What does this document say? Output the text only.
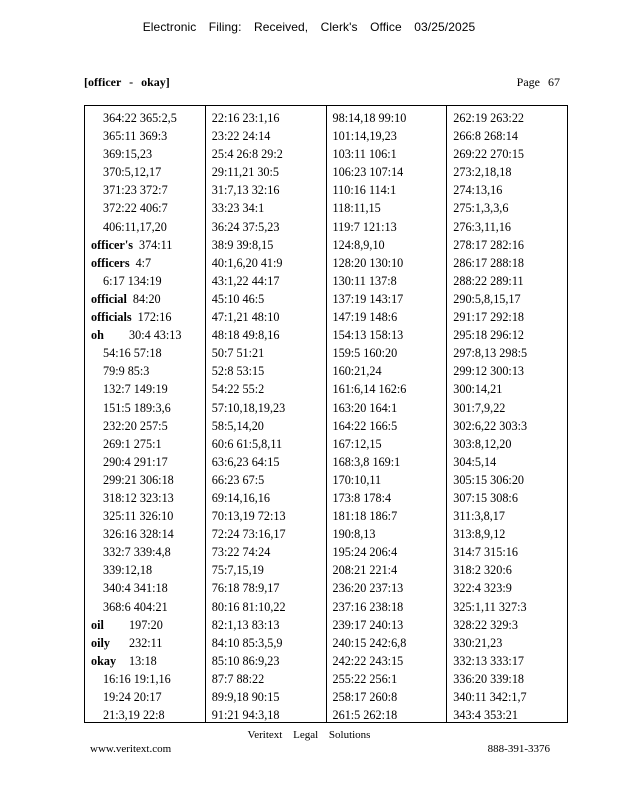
Electronic Filing: Received, Clerk's Office 03/25/2025
[officer - okay]	Page 67
364:22 365:2,5
365:11 369:3
369:15,23
370:5,12,17
371:23 372:7
372:22 406:7
406:11,17,20
officer's 374:11
officers 4:7
6:17 134:19
official 84:20
officials 172:16
oh 30:4 43:13
54:16 57:18
79:9 85:3
132:7 149:19
151:5 189:3,6
232:20 257:5
269:1 275:1
290:4 291:17
299:21 306:18
318:12 323:13
325:11 326:10
326:16 328:14
332:7 339:4,8
339:12,18
340:4 341:18
368:6 404:21
oil 197:20
oily 232:11
okay 13:18
16:16 19:1,16
19:24 20:17
21:3,19 22:8
22:16 23:1,16
23:22 24:14
25:4 26:8 29:2
29:11,21 30:5
31:7,13 32:16
33:23 34:1
36:24 37:5,23
38:9 39:8,15
40:1,6,20 41:9
43:1,22 44:17
45:10 46:5
47:1,21 48:10
48:18 49:8,16
50:7 51:21
52:8 53:15
54:22 55:2
57:10,18,19,23
58:5,14,20
60:6 61:5,8,11
63:6,23 64:15
66:23 67:5
69:14,16,16
70:13,19 72:13
72:24 73:16,17
73:22 74:24
75:7,15,19
76:18 78:9,17
80:16 81:10,22
82:1,13 83:13
84:10 85:3,5,9
85:10 86:9,23
87:7 88:22
89:9,18 90:15
91:21 94:3,18
98:14,18 99:10
101:14,19,23
103:11 106:1
106:23 107:14
110:16 114:1
118:11,15
119:7 121:13
124:8,9,10
128:20 130:10
130:11 137:8
137:19 143:17
147:19 148:6
154:13 158:13
159:5 160:20
160:21,24
161:6,14 162:6
163:20 164:1
164:22 166:5
167:12,15
168:3,8 169:1
170:10,11
173:8 178:4
181:18 186:7
190:8,13
195:24 206:4
208:21 221:4
236:20 237:13
237:16 238:18
239:17 240:13
240:15 242:6,8
242:22 243:15
255:22 256:1
258:17 260:8
261:5 262:18
262:19 263:22
266:8 268:14
269:22 270:15
273:2,18,18
274:13,16
275:1,3,3,6
276:3,11,16
278:17 282:16
286:17 288:18
288:22 289:11
290:5,8,15,17
291:17 292:18
295:18 296:12
297:8,13 298:5
299:12 300:13
300:14,21
301:7,9,22
302:6,22 303:3
303:8,12,20
304:5,14
305:15 306:20
307:15 308:6
311:3,8,17
313:8,9,12
314:7 315:16
318:2 320:6
322:4 323:9
325:1,11 327:3
328:22 329:3
330:21,23
332:13 333:17
336:20 339:18
340:11 342:1,7
343:4 353:21
Veritext Legal Solutions
www.veritext.com	888-391-3376
